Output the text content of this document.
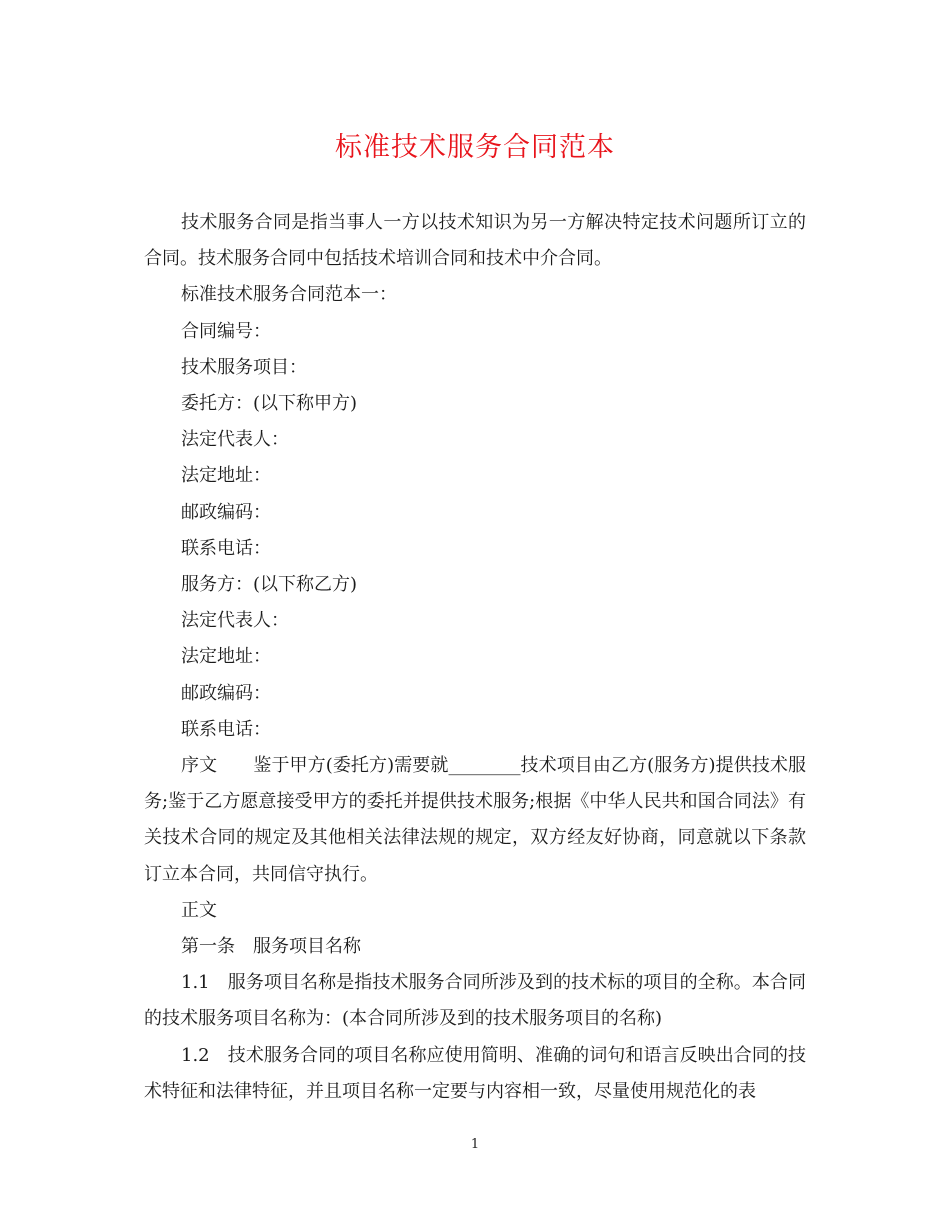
标准技术服务合同范本

技术服务合同是指当事人一方以技术知识为另一方解决特定技术问题所订立的合同。技术服务合同中包括技术培训合同和技术中介合同。

标准技术服务合同范本一：

合同编号：

技术服务项目：

委托方：(以下称甲方)

法定代表人：

法定地址：

邮政编码：

联系电话：

服务方：(以下称乙方)

法定代表人：

法定地址：

邮政编码：

联系电话：

序文　　鉴于甲方(委托方)需要就________技术项目由乙方(服务方)提供技术服务;鉴于乙方愿意接受甲方的委托并提供技术服务;根据《中华人民共和国合同法》有关技术合同的规定及其他相关法律法规的规定，双方经友好协商，同意就以下条款订立本合同，共同信守执行。

正文

第一条　服务项目名称

1.1　服务项目名称是指技术服务合同所涉及到的技术标的项目的全称。本合同的技术服务项目名称为：(本合同所涉及到的技术服务项目的名称)

1.2　技术服务合同的项目名称应使用简明、准确的词句和语言反映出合同的技术特征和法律特征，并且项目名称一定要与内容相一致，尽量使用规范化的表

1
